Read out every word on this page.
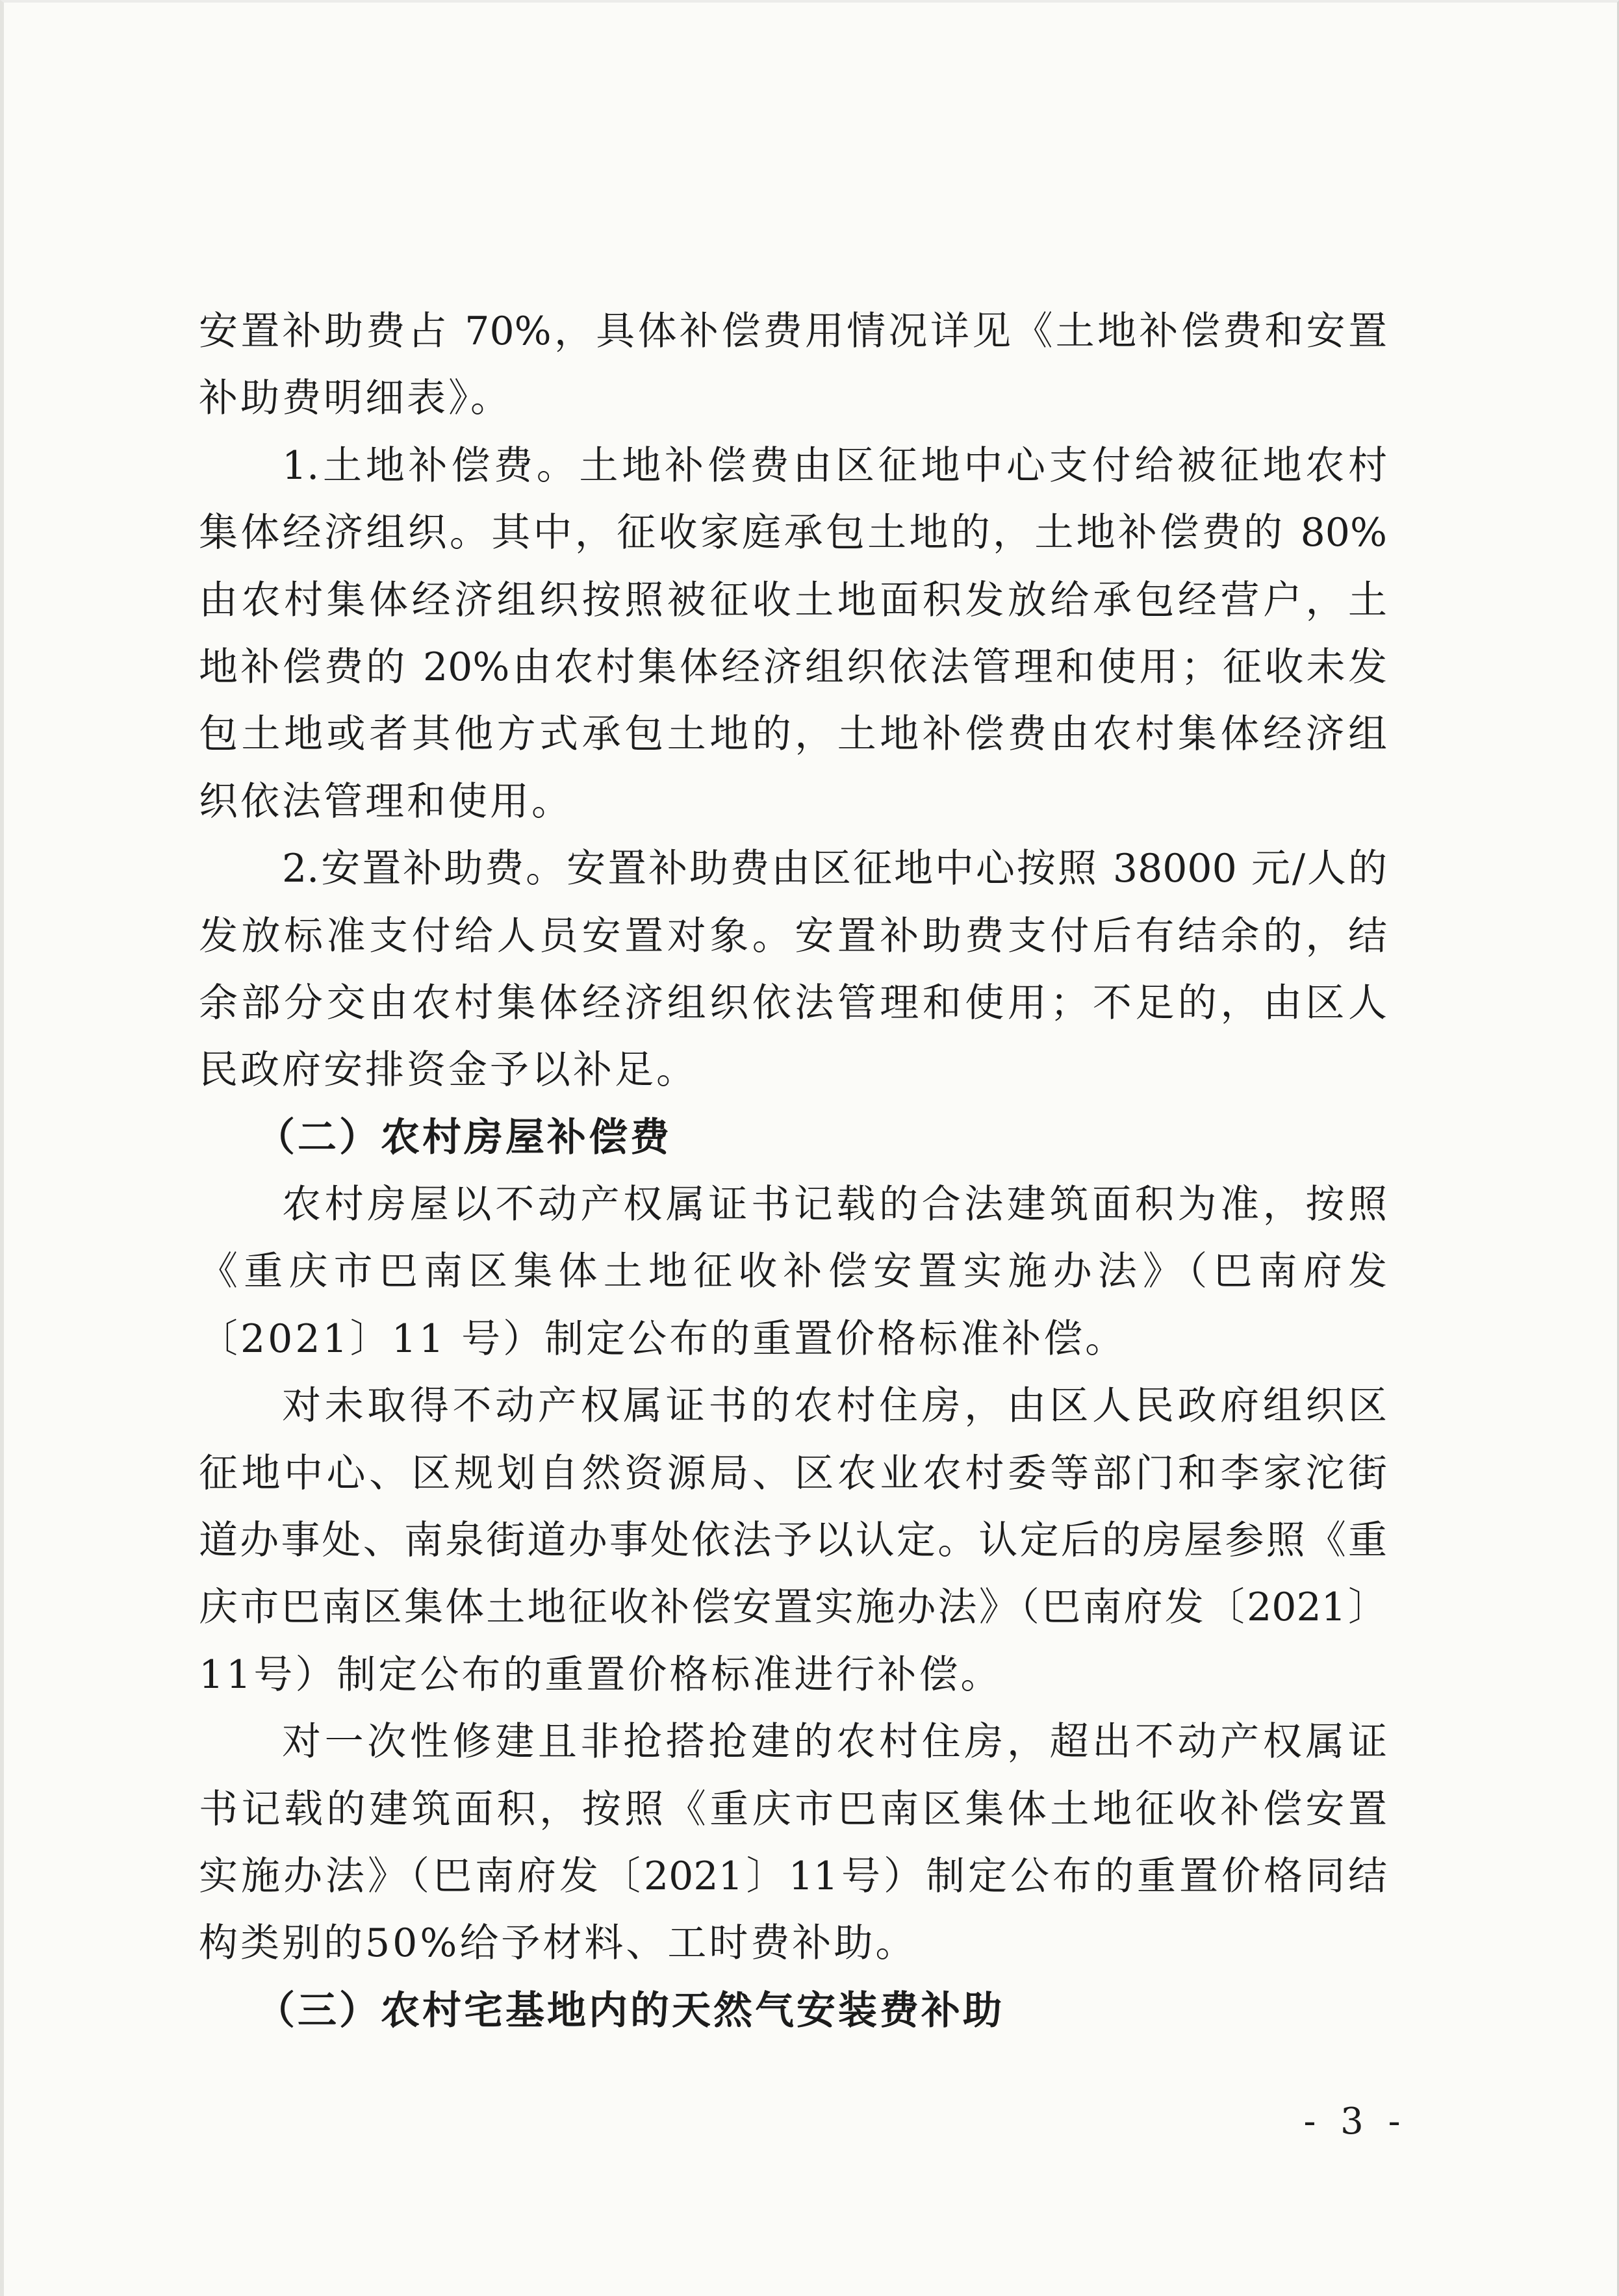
安置补助费占 70%，具体补偿费用情况详见《土地补偿费和安置
补助费明细表》。
1.土地补偿费。土地补偿费由区征地中心支付给被征地农村
集体经济组织。其中，征收家庭承包土地的，土地补偿费的 80%
由农村集体经济组织按照被征收土地面积发放给承包经营户，土
地补偿费的 20%由农村集体经济组织依法管理和使用；征收未发
包土地或者其他方式承包土地的，土地补偿费由农村集体经济组
织依法管理和使用。
2.安置补助费。安置补助费由区征地中心按照 38000 元/人的
发放标准支付给人员安置对象。安置补助费支付后有结余的，结
余部分交由农村集体经济组织依法管理和使用；不足的，由区人
民政府安排资金予以补足。
（二）农村房屋补偿费
农村房屋以不动产权属证书记载的合法建筑面积为准，按照
《重庆市巴南区集体土地征收补偿安置实施办法》（巴南府发
〔2021〕11 号）制定公布的重置价格标准补偿。
对未取得不动产权属证书的农村住房，由区人民政府组织区
征地中心、区规划自然资源局、区农业农村委等部门和李家沱街
道办事处、南泉街道办事处依法予以认定。认定后的房屋参照《重
庆市巴南区集体土地征收补偿安置实施办法》（巴南府发〔2021〕
11号）制定公布的重置价格标准进行补偿。
对一次性修建且非抢搭抢建的农村住房，超出不动产权属证
书记载的建筑面积，按照《重庆市巴南区集体土地征收补偿安置
实施办法》（巴南府发〔2021〕11号）制定公布的重置价格同结
构类别的50%给予材料、工时费补助。
（三）农村宅基地内的天然气安装费补助
- 3 -
